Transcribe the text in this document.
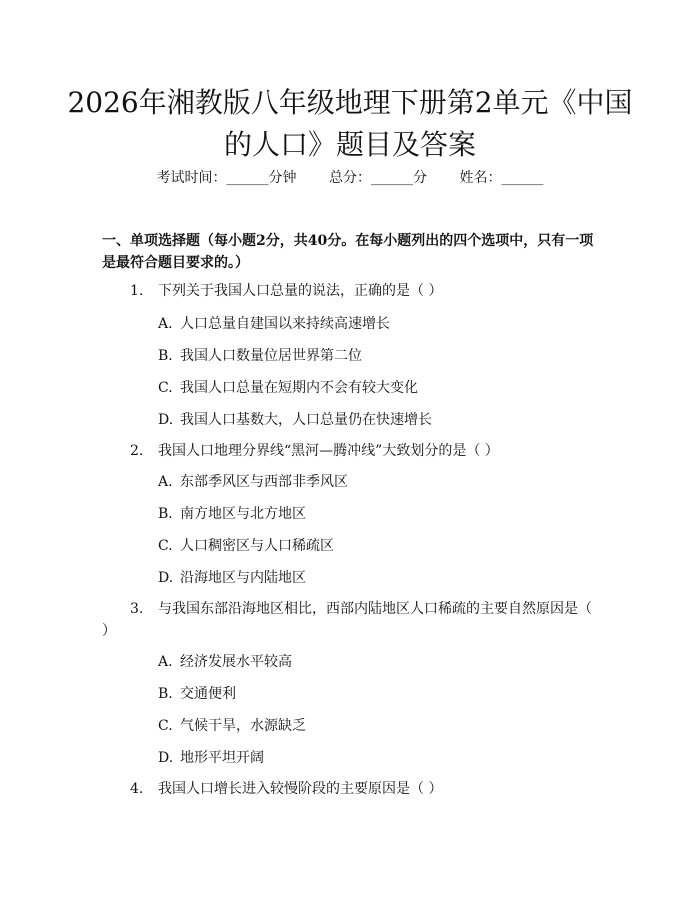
2026年湘教版八年级地理下册第2单元《中国的人口》题目及答案
考试时间：______分钟 总分：______分 姓名：______

一、单项选择题（每小题2分，共40分。在每小题列出的四个选项中，只有一项是最符合题目要求的。）

1. 下列关于我国人口总量的说法，正确的是（ ）
A. 人口总量自建国以来持续高速增长
B. 我国人口数量位居世界第二位
C. 我国人口总量在短期内不会有较大变化
D. 我国人口基数大，人口总量仍在快速增长
2. 我国人口地理分界线“黑河—腾冲线”大致划分的是（ ）
A. 东部季风区与西部非季风区
B. 南方地区与北方地区
C. 人口稠密区与人口稀疏区
D. 沿海地区与内陆地区
3. 与我国东部沿海地区相比，西部内陆地区人口稀疏的主要自然原因是（ ）
A. 经济发展水平较高
B. 交通便利
C. 气候干旱，水源缺乏
D. 地形平坦开阔
4. 我国人口增长进入较慢阶段的主要原因是（ ）
